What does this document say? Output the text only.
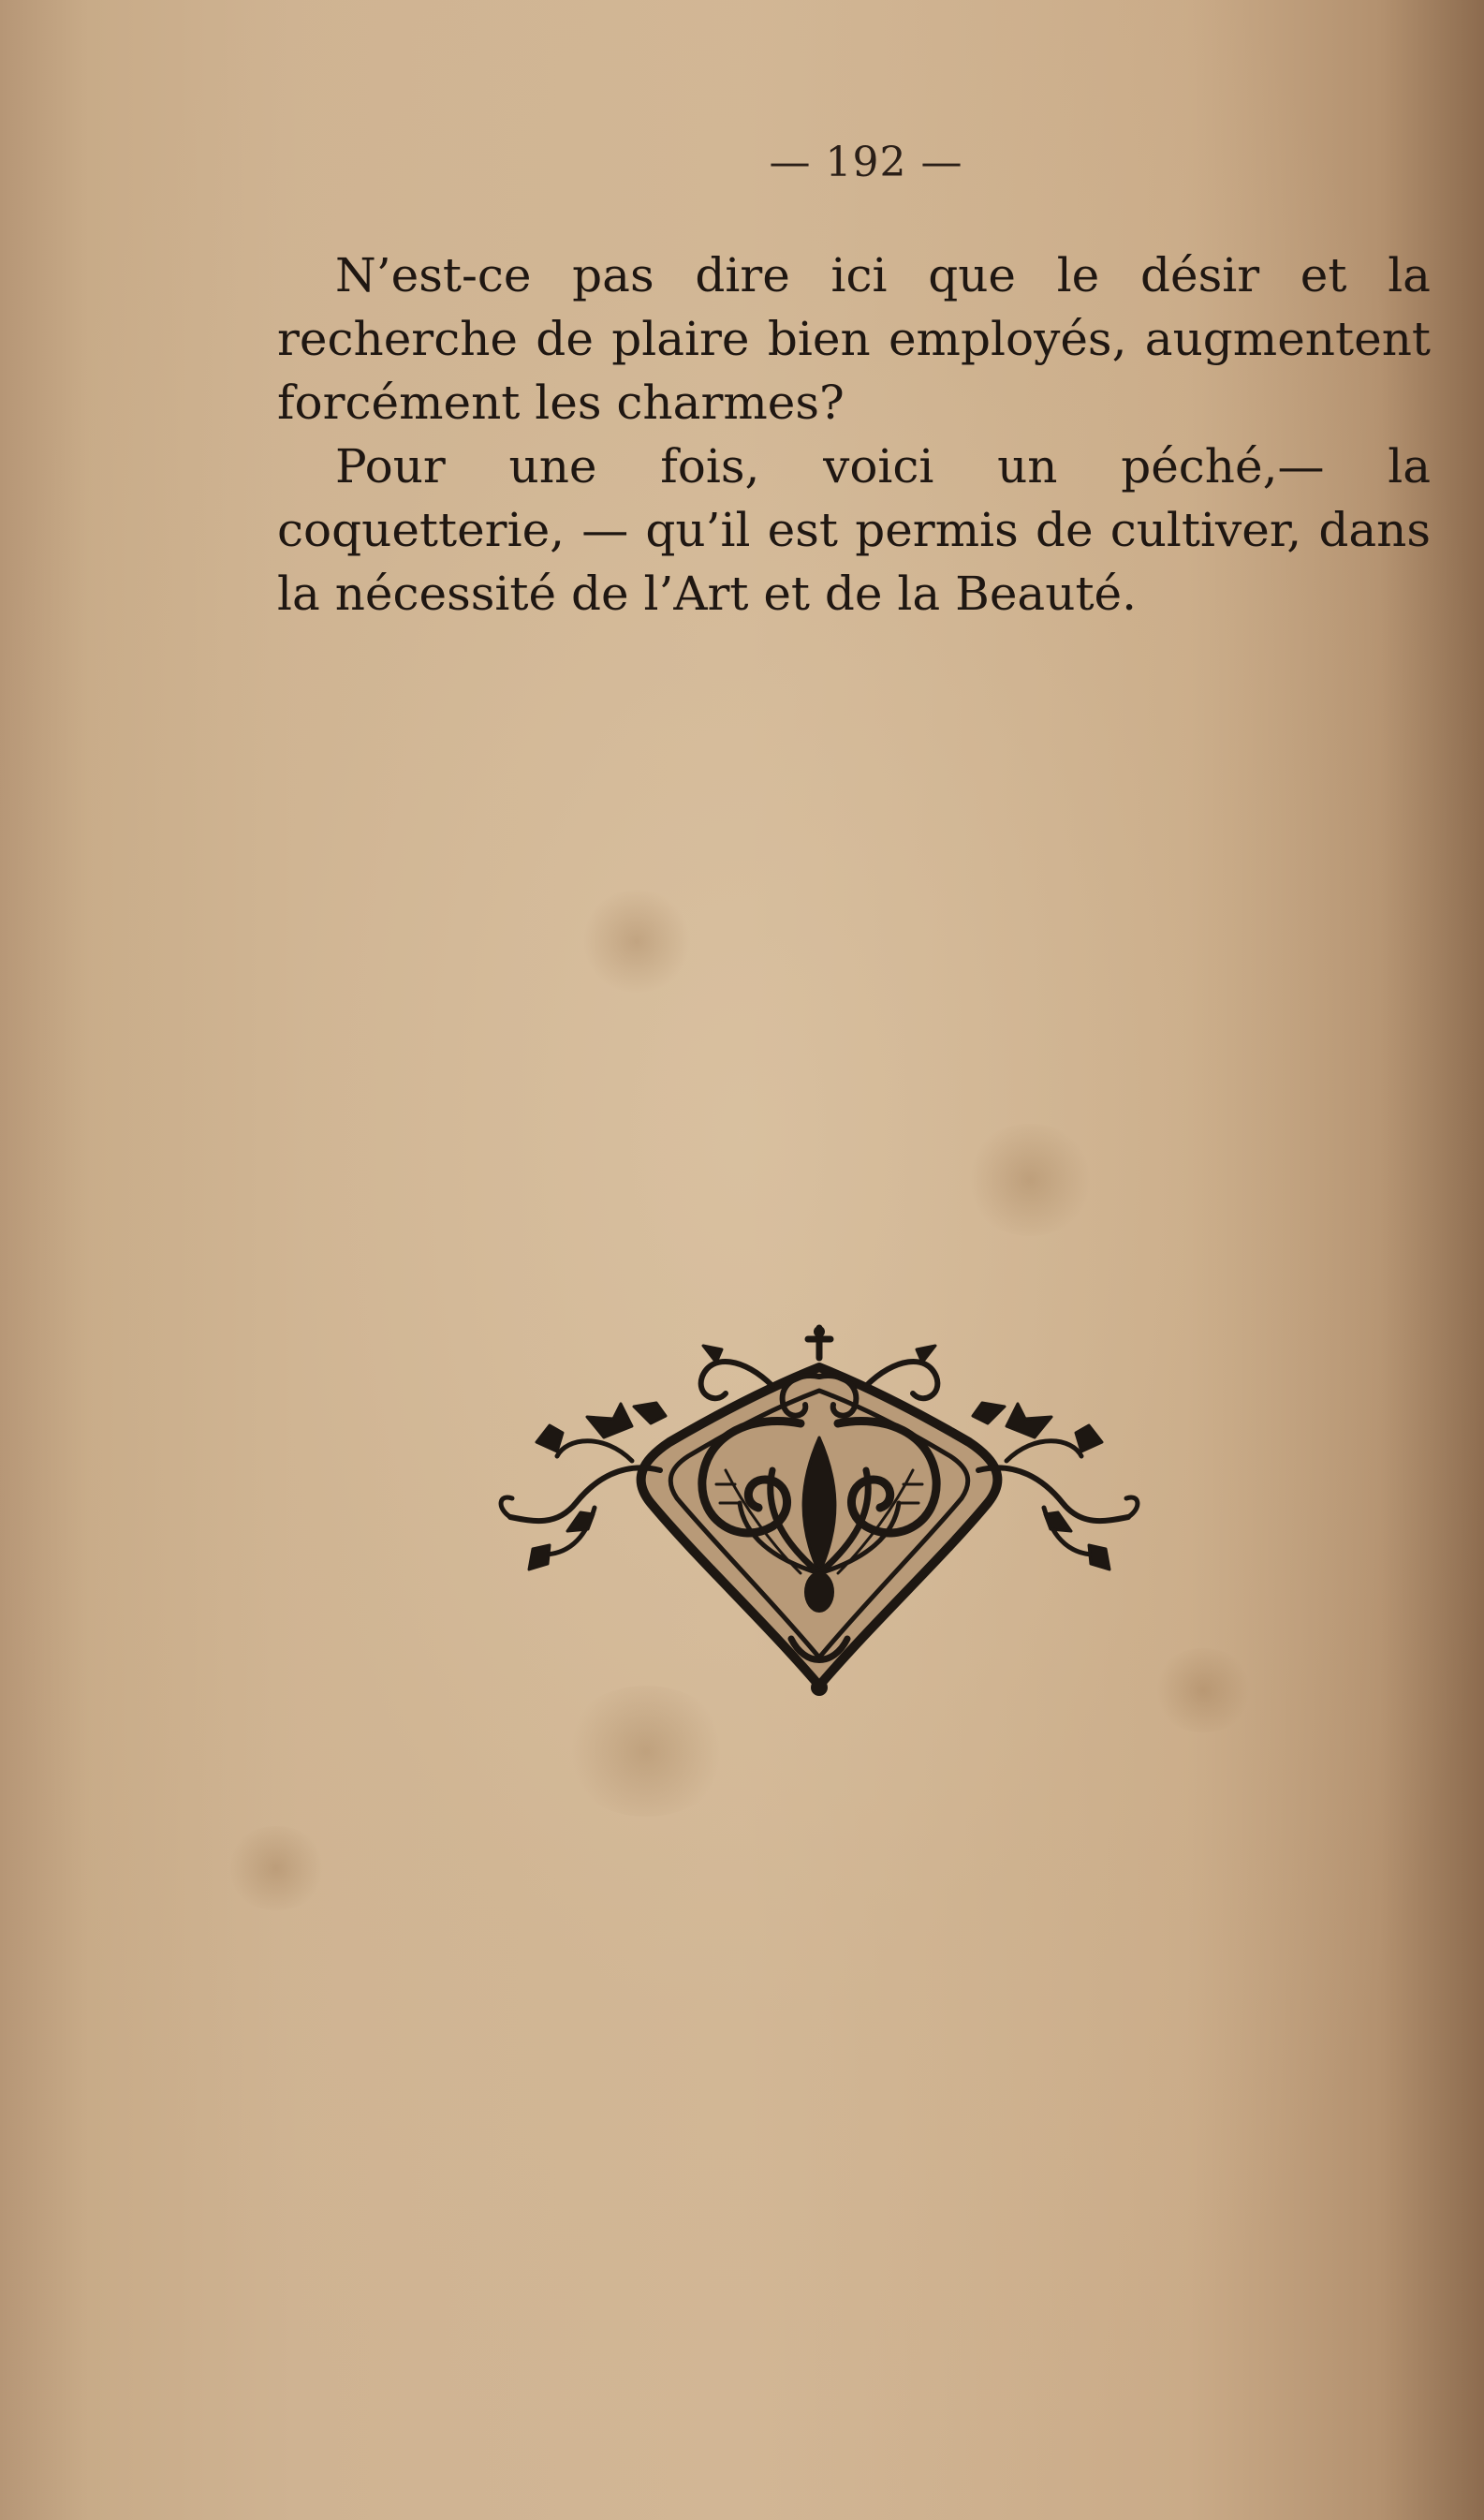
— 192 —

N’est-ce pas dire ici que le désir et la recherche de plaire bien employés, augmentent forcément les charmes?

Pour une fois, voici un péché,— la coquetterie, — qu’il est permis de cultiver, dans la nécessité de l’Art et de la Beauté.
